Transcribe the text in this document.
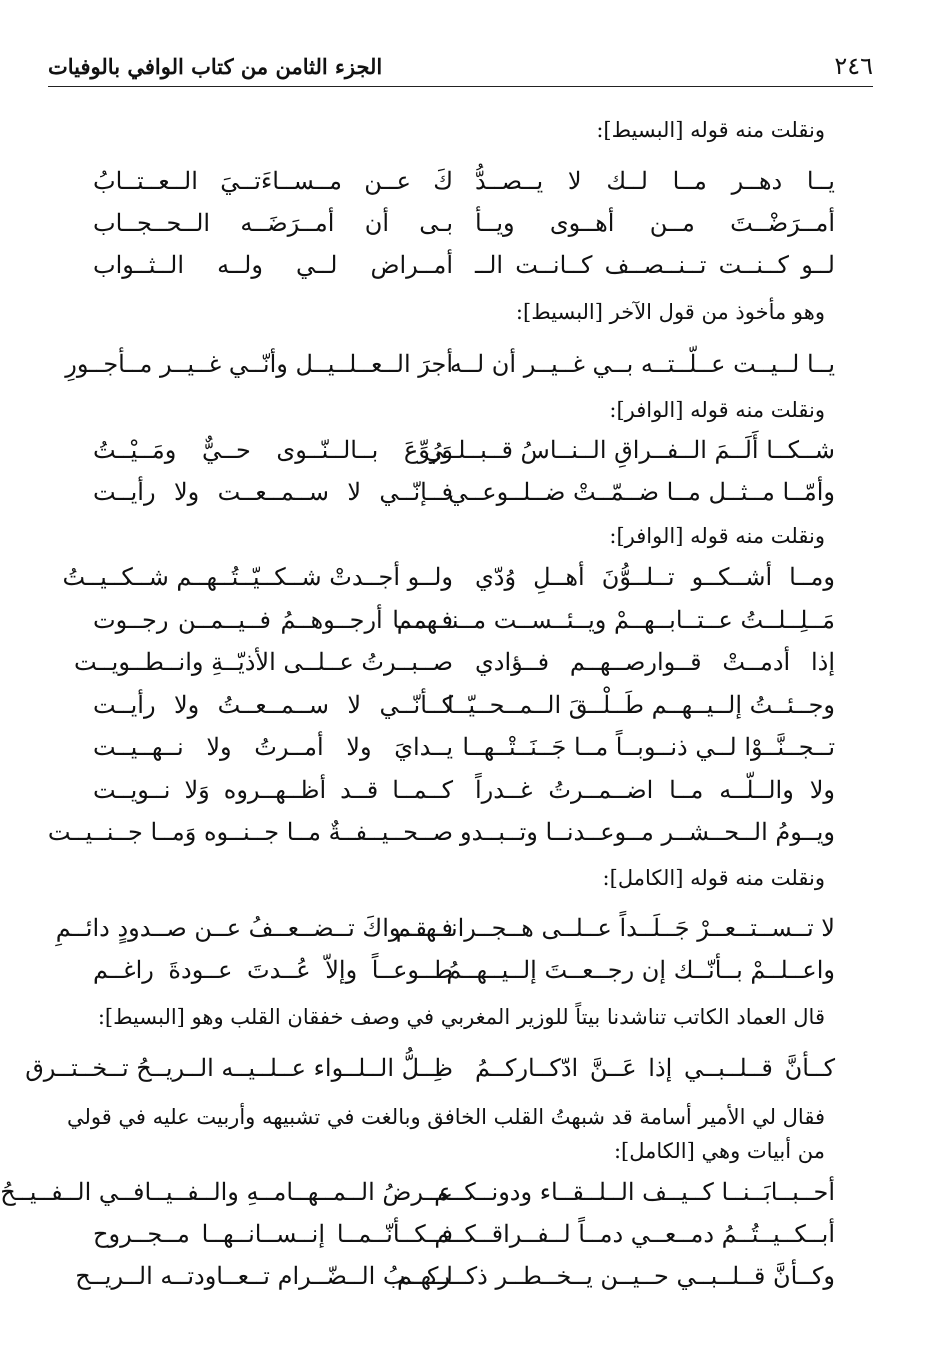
٢٤٦
الجزء الثامن من كتاب الوافي بالوفيات
ونقلت منه قوله [البسيط]:
يــا دهــر مــا لــك لا يــصــدُّ
كَ عــن مــســاءَتــيَ الــعــتــابُ
أمــرَضْــتَ مــن أهــوى ويــأ
بـى أن أمــرَضَــه الــحــجــاب
لــو كــنــت تــنــصــف كــانــت الــ
أمــراض لــي ولــه الــثــواب
وهو مأخوذ من قول الآخر [البسيط]:
يــا لــيــت عــلّــتــه بــي غــيــر أن لــه
أجرَ الــعــلــيــل وأنّــي غــيــر مــأجــورِ
ونقلت منه قوله [الوافر]:
شــكــا أَلَــمَ الــفــراقِ الــنــاسُ قــبــلــي
وَرُوِّعَ بــالــنّــوى حــيٌّ ومَــيْــتُ
وأمّــا مــثــل مــا ضــمّــتْ ضــلــوعــي
فــإنّــي لا ســمــعــت ولا رأيــت
ونقلت منه قوله [الوافر]:
ومــا أشــكــو تــلــوُّنَ أهــلِ وُدّي
ولــو أجــدتْ شــكــيّــتُــهــم شــكــيــتُ
مَــلِــلــتُ عــتــابــهــمْ ويــئــســت مــنــهــم
فــمــا أرجــوهــمُ فــيــمــن رجــوت
إذا أدمــتْ قــوارصــهــم فــؤادي
صــبــرتُ عــلــى الأذيّــةِ وانــطــويــت
وجــئــتُ إلــيــهــم طَــلْــقَ الــمــحــيّــا
كــأنّــي لا ســمــعــتُ ولا رأيــت
تــجــنَّــوْا لــي ذنــوبــاً مــا جَــنَــتْــهــا
يــدايَ ولا أمــرتُ ولا نــهــيــت
ولا والــلّــه مــا اضــمــرتُ غــدراً
كــمــا قــد أظــهــروه وَلا نــويــت
ويــومُ الــحــشــر مــوعــدنــا وتــبــدو
صــحــيــفــةٌ مــا جــنــوه وَمــا جــنــيــت
ونقلت منه قوله [الكامل]:
لا تــســتــعــرْ جَــلَــداً عــلــى هــجــرانــهــم
فــقــواكَ تــضــعــفُ عــن صــدودٍ دائــمِ
واعــلــمْ بــأنّــك إن رجــعــتَ إلــيــهــمُ
طــوعــاً وإلاّ عُــدتَ عــودةَ راغــم
قال العماد الكاتب تناشدنا بيتاً للوزير المغربي في وصف خفقان القلب وهو [البسيط]:
كــأنَّ قــلــبــي إذا عَــنَّ ادّكــاركــمُ
ظِــلُّ الــلــواء عــلــيــه الــريــحُ تــخــتــرق
فقال لي الأمير أسامة قد شبهتُ القلب الخافق وبالغت في تشبيهه وأربيت عليه في قولي من أبيات وهي [الكامل]:
أحــبــابَــنــا كــيــف الــلــقــاء ودونــكــم
عــرضُ الــمــهــامــهِ والــفــيــافــي الــفــيــحُ
أبــكــيــتُــمُ دمــعــي دمــاً لــفــراقــكــم
فــكــأنّــمــا إنــســانــهــا مــجــروح
وكــأنَّ قــلــبــي حــيــن يــخــطــر ذكــركــم
لــهــبُ الــضّــرام تــعــاودتــه الــريــح
